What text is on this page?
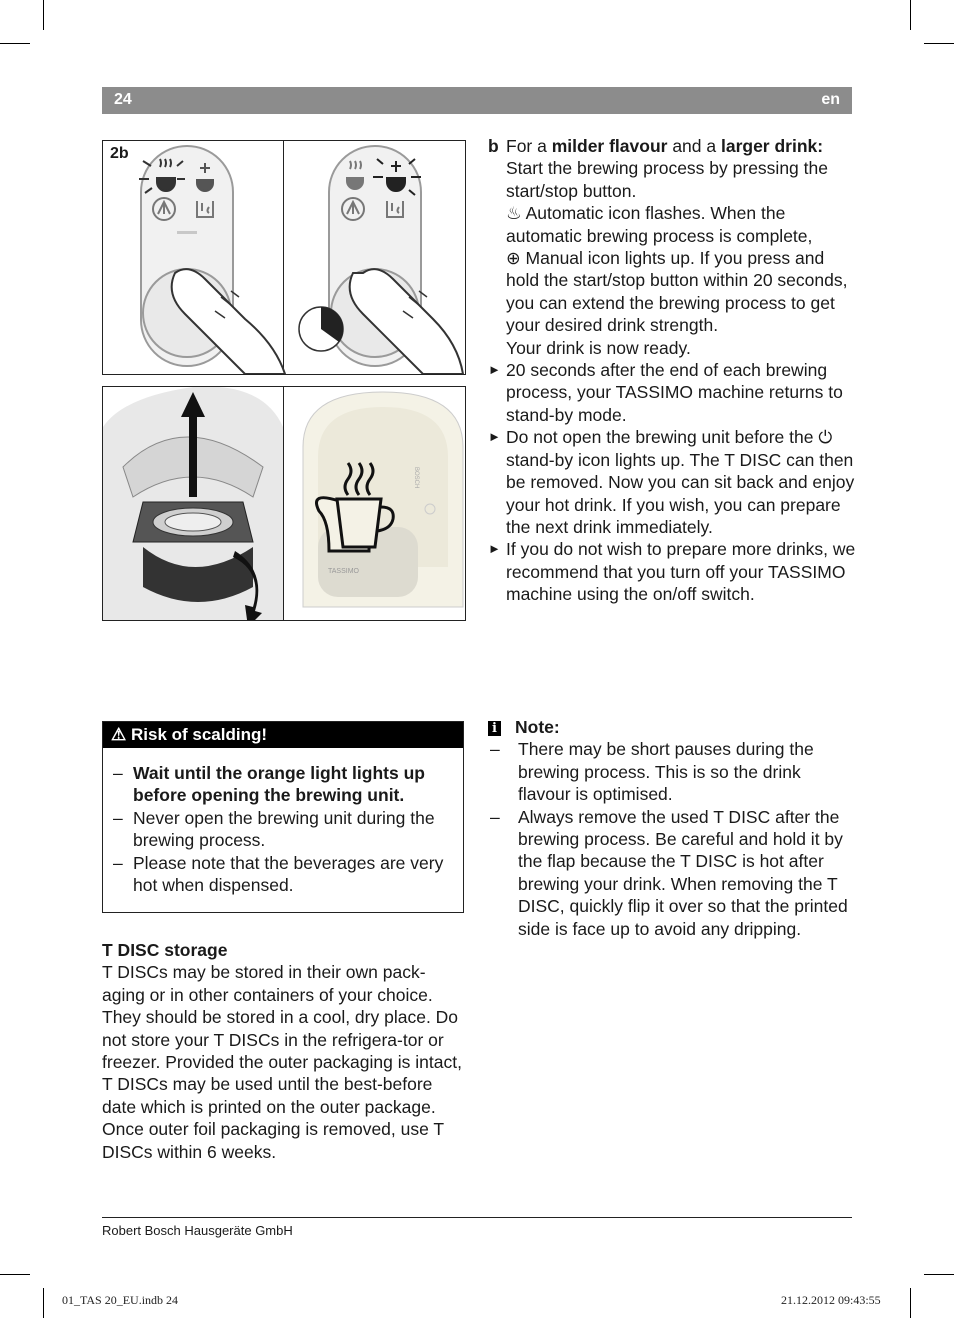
24	en
2b
TASSIMO
BOSCH
b For a milder flavour and a larger drink:
Start the brewing process by pressing the start/stop button.
♨ Automatic icon flashes. When the automatic brewing process is complete,
⊕ Manual icon lights up. If you press and hold the start/stop button within 20 seconds, you can extend the brewing process to get your desired drink strength.
Your drink is now ready.
► 20 seconds after the end of each brewing process, your TASSIMO machine returns to stand-by mode.
► Do not open the brewing unit before the ⏻ stand-by icon lights up. The T DISC can then be removed. Now you can sit back and enjoy your hot drink. If you wish, you can prepare the next drink immediately.
► If you do not wish to prepare more drinks, we recommend that you turn off your TASSIMO machine using the on/off switch.
⚠ Risk of scalding!
– Wait until the orange light lights up before opening the brewing unit.
– Never open the brewing unit during the brewing process.
– Please note that the beverages are very hot when dispensed.
T DISC storage
T DISCs may be stored in their own pack-aging or in other containers of your choice. They should be stored in a cool, dry place. Do not store your T DISCs in the refrigera-tor or freezer. Provided the outer packaging is intact, T DISCs may be used until the best-before date which is printed on the outer package.
Once outer foil packaging is removed, use T DISCs within 6 weeks.
i Note:
– There may be short pauses during the brewing process. This is so the drink flavour is optimised.
– Always remove the used T DISC after the brewing process. Be careful and hold it by the flap because the T DISC is hot after brewing your drink. When removing the T DISC, quickly flip it over so that the printed side is face up to avoid any dripping.
Robert Bosch Hausgeräte GmbH
01_TAS 20_EU.indb 24	21.12.2012 09:43:55
